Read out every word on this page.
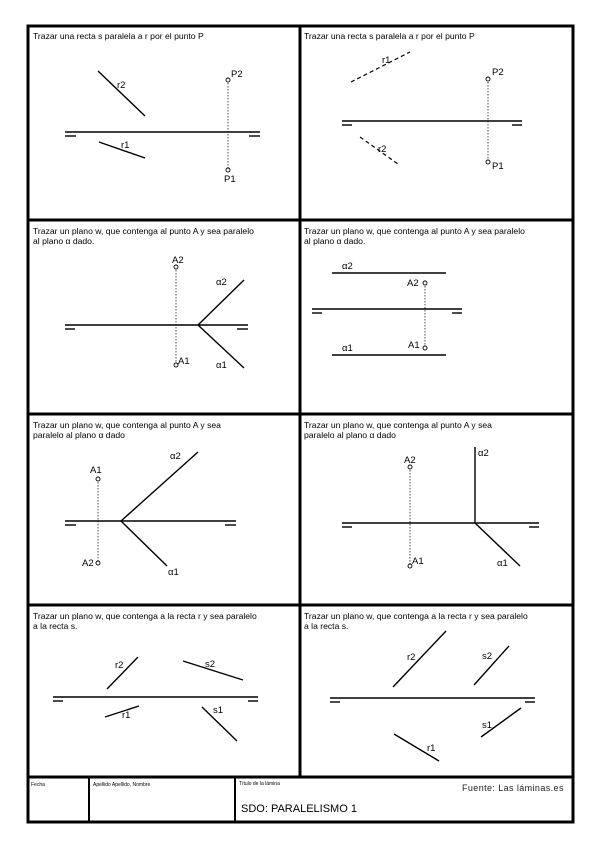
r2
r1
P2
P1
r1
r2
P2
P1
A2
A1
α2
α1
α2
α1
A2
A1
A1
A2
α2
α1
A2
A1
α2
α1
r2
r1
s2
s1
r2	s2
s1
r1
Fecha	Apellido Apellido, Nombre	Título de la lámina	Fuente: Las láminas.es
SDO: PARALELISMO 1
Trazar una recta s paralela a r por el punto P	Trazar una recta s paralela a r por el punto P
Trazar un plano w, que contenga al punto A y sea paralelo
al plano α dado.
Trazar un plano w, que contenga al punto A y sea paralelo
al plano α dado.
Trazar un plano w, que contenga al punto A y sea
paralelo al plano α dado
Trazar un plano w, que contenga al punto A y sea
paralelo al plano α dado
Trazar un plano w, que contenga a la recta r y sea paralelo
a la recta s.
Trazar un plano w, que contenga a la recta r y sea paralelo
a la recta s.
